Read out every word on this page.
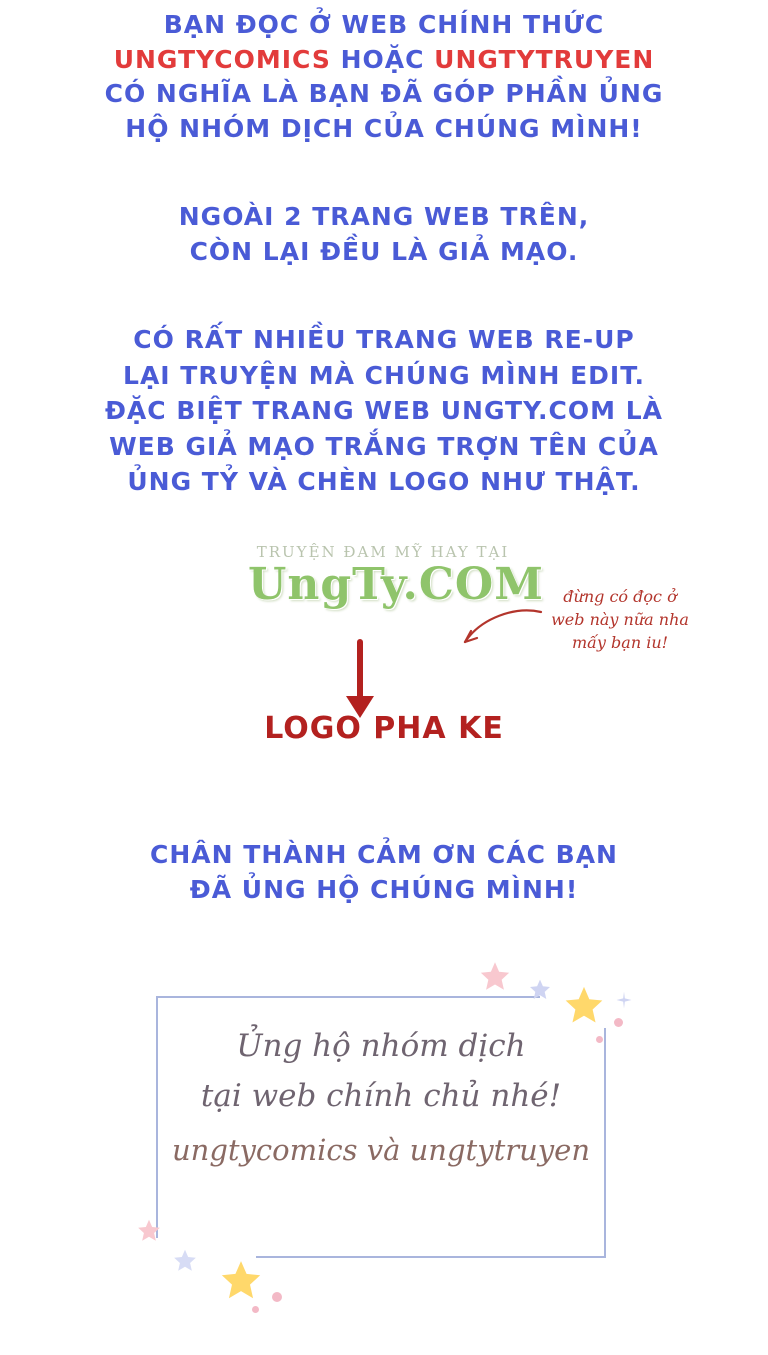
BẠN ĐỌC Ở WEB CHÍNH THỨC
UNGTYCOMICS HOẶC UNGTYTRUYEN
CÓ NGHĨA LÀ BẠN ĐÃ GÓP PHẦN ỦNG
HỘ NHÓM DỊCH CỦA CHÚNG MÌNH!
NGOÀI 2 TRANG WEB TRÊN,
CÒN LẠI ĐỀU LÀ GIẢ MẠO.
CÓ RẤT NHIỀU TRANG WEB RE-UP
LẠI TRUYỆN MÀ CHÚNG MÌNH EDIT.
ĐẶC BIỆT TRANG WEB UNGTY.COM LÀ
WEB GIẢ MẠO TRẮNG TRỢN TÊN CỦA
ỦNG TỶ VÀ CHÈN LOGO NHƯ THẬT.
TRUYỆN ĐAM MỸ HAY TẠI
UngTy.COM	đừng có đọc ở
web này nữa nha
mấy bạn iu!
LOGO PHA KE
CHÂN THÀNH CẢM ƠN CÁC BẠN
ĐÃ ỦNG HỘ CHÚNG MÌNH!
Ủng hộ nhóm dịch
tại web chính chủ nhé!
ungtycomics và ungtytruyen
